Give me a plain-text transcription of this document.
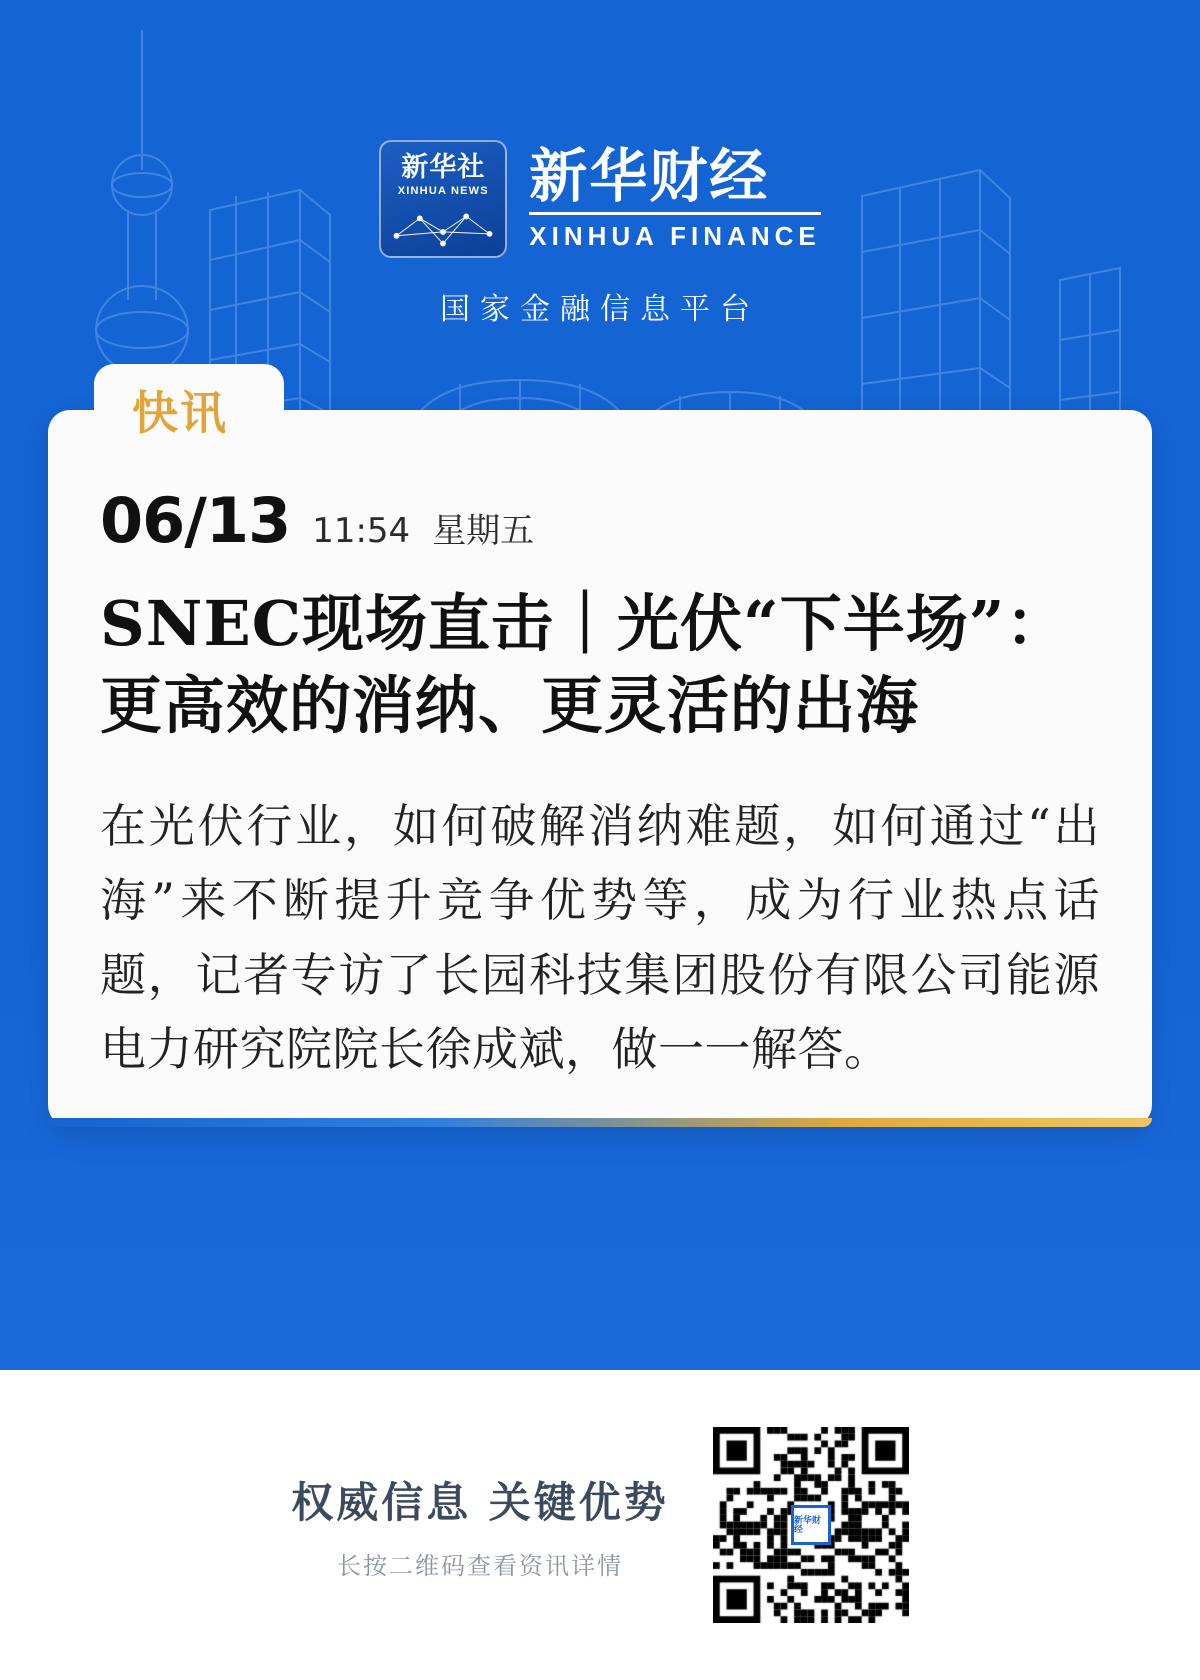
新华社
XINHUA NEWS 新华财经
XINHUA FINANCE
国家金融信息平台
快讯
06/13 11:54 星期五
SNEC现场直击｜光伏“下半场”：更高效的消纳、更灵活的出海
在光伏行业，如何破解消纳难题，如何通过“出海”来不断提升竞争优势等，成为行业热点话题，记者专访了长园科技集团股份有限公司能源电力研究院院长徐成斌，做一一解答。
权威信息 关键优势
长按二维码查看资讯详情
新华财经
